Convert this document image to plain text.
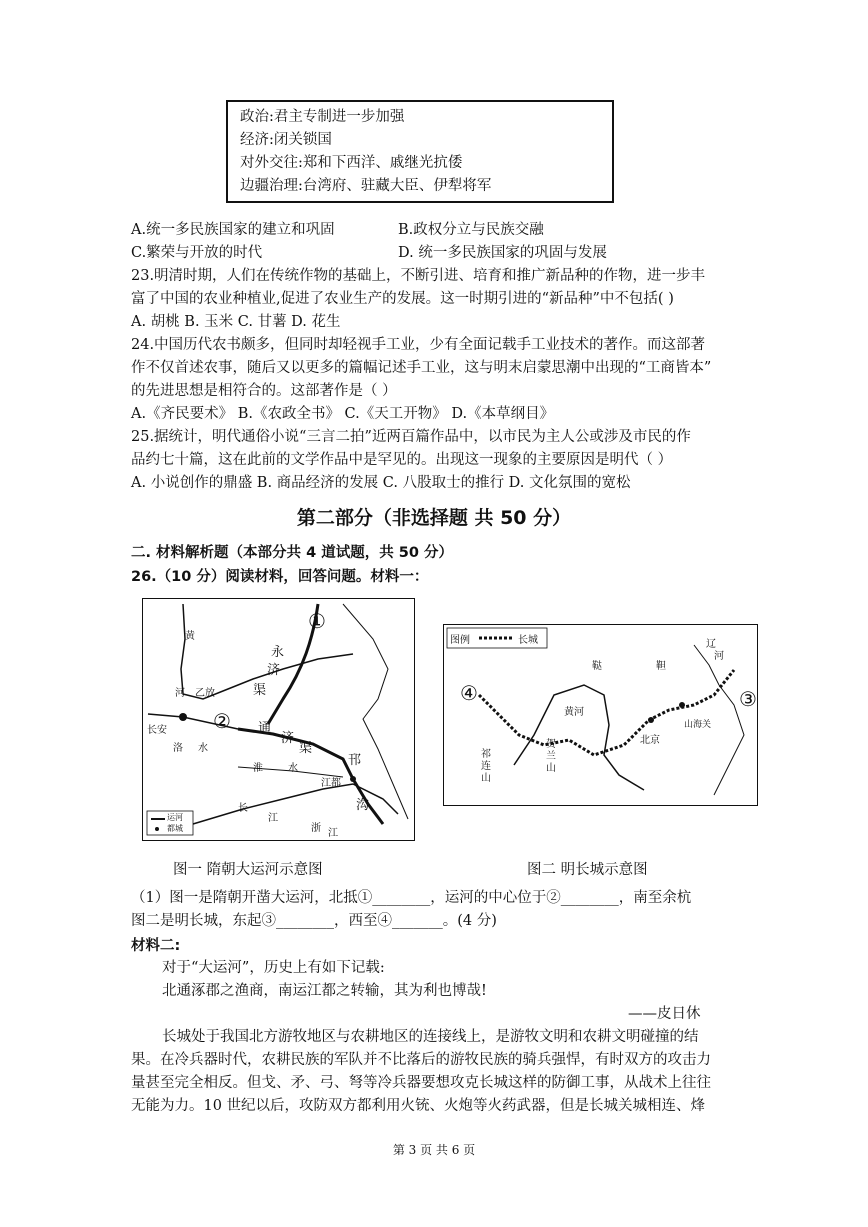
政治:君主专制进一步加强
经济:闭关锁国
对外交往:郑和下西洋、戚继光抗倭
边疆治理:台湾府、驻藏大臣、伊犁将军
A.统一多民族国家的建立和巩固	B.政权分立与民族交融
C.繁荣与开放的时代	D. 统一多民族国家的巩固与发展
23.明清时期，人们在传统作物的基础上，不断引进、培育和推广新品种的作物，进一步丰
富了中国的农业种植业,促进了农业生产的发展。这一时期引进的“新品种”中不包括( )
A. 胡桃 B. 玉米 C. 甘薯 D. 花生
24.中国历代农书颇多，但同时却轻视手工业，少有全面记载手工业技术的著作。而这部著
作不仅首述农事，随后又以更多的篇幅记述手工业，这与明末启蒙思潮中出现的“工商皆本”
的先进思想是相符合的。这部著作是（ ）
A.《齐民要术》 B.《农政全书》 C.《天工开物》 D.《本草纲目》
25.据统计，明代通俗小说“三言二拍”近两百篇作品中，以市民为主人公或涉及市民的作
品约七十篇，这在此前的文学作品中是罕见的。出现这一现象的主要原因是明代（ ）
A. 小说创作的鼎盛 B. 商品经济的发展 C. 八股取士的推行 D. 文化氛围的宽松
第二部分（非选择题 共 50 分）
二. 材料解析题（本部分共 4 道试题，共 50 分）
26.（10 分）阅读材料，回答问题。材料一：
黄
河
永
济
渠
通
济
渠
长安
乙放
洛 水
淮	水
江都
邗
沟
长
江
浙 江
运河
都城
①
②
图例	长城	辽
河
鞑	靼
黄河
贺
兰
山
祁
连
山
北京
山海关
③
④
图一 隋朝大运河示意图	图二 明长城示意图
（1）图一是隋朝开凿大运河，北抵①________，运河的中心位于②________，南至余杭
图二是明长城，东起③________，西至④_______。(4 分)
材料二:
对于“大运河”，历史上有如下记载:
北通涿郡之渔商，南运江都之转输，其为利也博哉!
——皮日休
长城处于我国北方游牧地区与农耕地区的连接线上，是游牧文明和农耕文明碰撞的结
果。在冷兵器时代，农耕民族的军队并不比落后的游牧民族的骑兵强悍，有时双方的攻击力
量甚至完全相反。但戈、矛、弓、弩等冷兵器要想攻克长城这样的防御工事，从战术上往往
无能为力。10 世纪以后，攻防双方都利用火铳、火炮等火药武器，但是长城关城相连、烽
第 3 页 共 6 页
